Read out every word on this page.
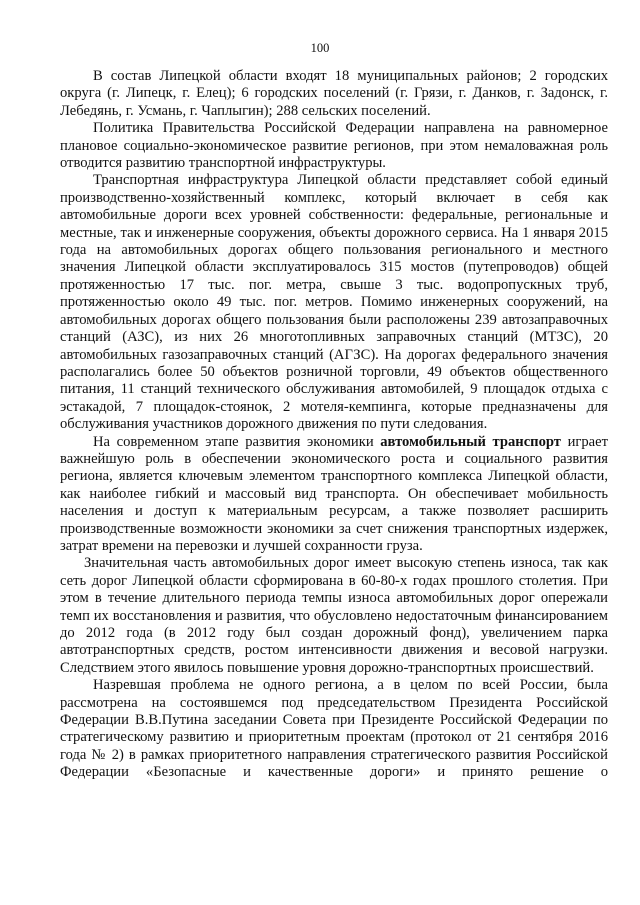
100

В состав Липецкой области входят 18 муниципальных районов; 2 городских округа (г. Липецк, г. Елец); 6 городских поселений (г. Грязи, г. Данков, г. Задонск, г. Лебедянь, г. Усмань, г. Чаплыгин); 288 сельских поселений.

Политика Правительства Российской Федерации направлена на равномерное плановое социально-экономическое развитие регионов, при этом немаловажная роль отводится развитию транспортной инфраструктуры.

Транспортная инфраструктура Липецкой области представляет собой единый производственно-хозяйственный комплекс, который включает в себя как автомобильные дороги всех уровней собственности: федеральные, региональные и местные, так и инженерные сооружения, объекты дорожного сервиса. На 1 января 2015 года на автомобильных дорогах общего пользования регионального и местного значения Липецкой области эксплуатировалось 315 мостов (путепроводов) общей протяженностью 17 тыс. пог. метра, свыше 3 тыс. водопропускных труб, протяженностью около 49 тыс. пог. метров. Помимо инженерных сооружений, на автомобильных дорогах общего пользования были расположены 239 автозаправочных станций (АЗС), из них 26 многотопливных заправочных станций (МТЗС), 20 автомобильных газозаправочных станций (АГЗС). На дорогах федерального значения располагались более 50 объектов розничной торговли, 49 объектов общественного питания, 11 станций технического обслуживания автомобилей, 9 площадок отдыха с эстакадой, 7 площадок-стоянок, 2 мотеля-кемпинга, которые предназначены для обслуживания участников дорожного движения по пути следования.

На современном этапе развития экономики автомобильный транспорт играет важнейшую роль в обеспечении экономического роста и социального развития региона, является ключевым элементом транспортного комплекса Липецкой области, как наиболее гибкий и массовый вид транспорта. Он обеспечивает мобильность населения и доступ к материальным ресурсам, а также позволяет расширить производственные возможности экономики за счет снижения транспортных издержек, затрат времени на перевозки и лучшей сохранности груза.

Значительная часть автомобильных дорог имеет высокую степень износа, так как сеть дорог Липецкой области сформирована в 60-80-х годах прошлого столетия. При этом в течение длительного периода темпы износа автомобильных дорог опережали темп их восстановления и развития, что обусловлено недостаточным финансированием до 2012 года (в 2012 году был создан дорожный фонд), увеличением парка автотранспортных средств, ростом интенсивности движения и весовой нагрузки. Следствием этого явилось повышение уровня дорожно-транспортных происшествий.

Назревшая проблема не одного региона, а в целом по всей России, была рассмотрена на состоявшемся под председательством Президента Российской Федерации В.В.Путина заседании Совета при Президенте Российской Федерации по стратегическому развитию и приоритетным проектам (протокол от 21 сентября 2016 года № 2) в рамках приоритетного направления стратегического развития Российской Федерации «Безопасные и качественные дороги» и принято решение о
